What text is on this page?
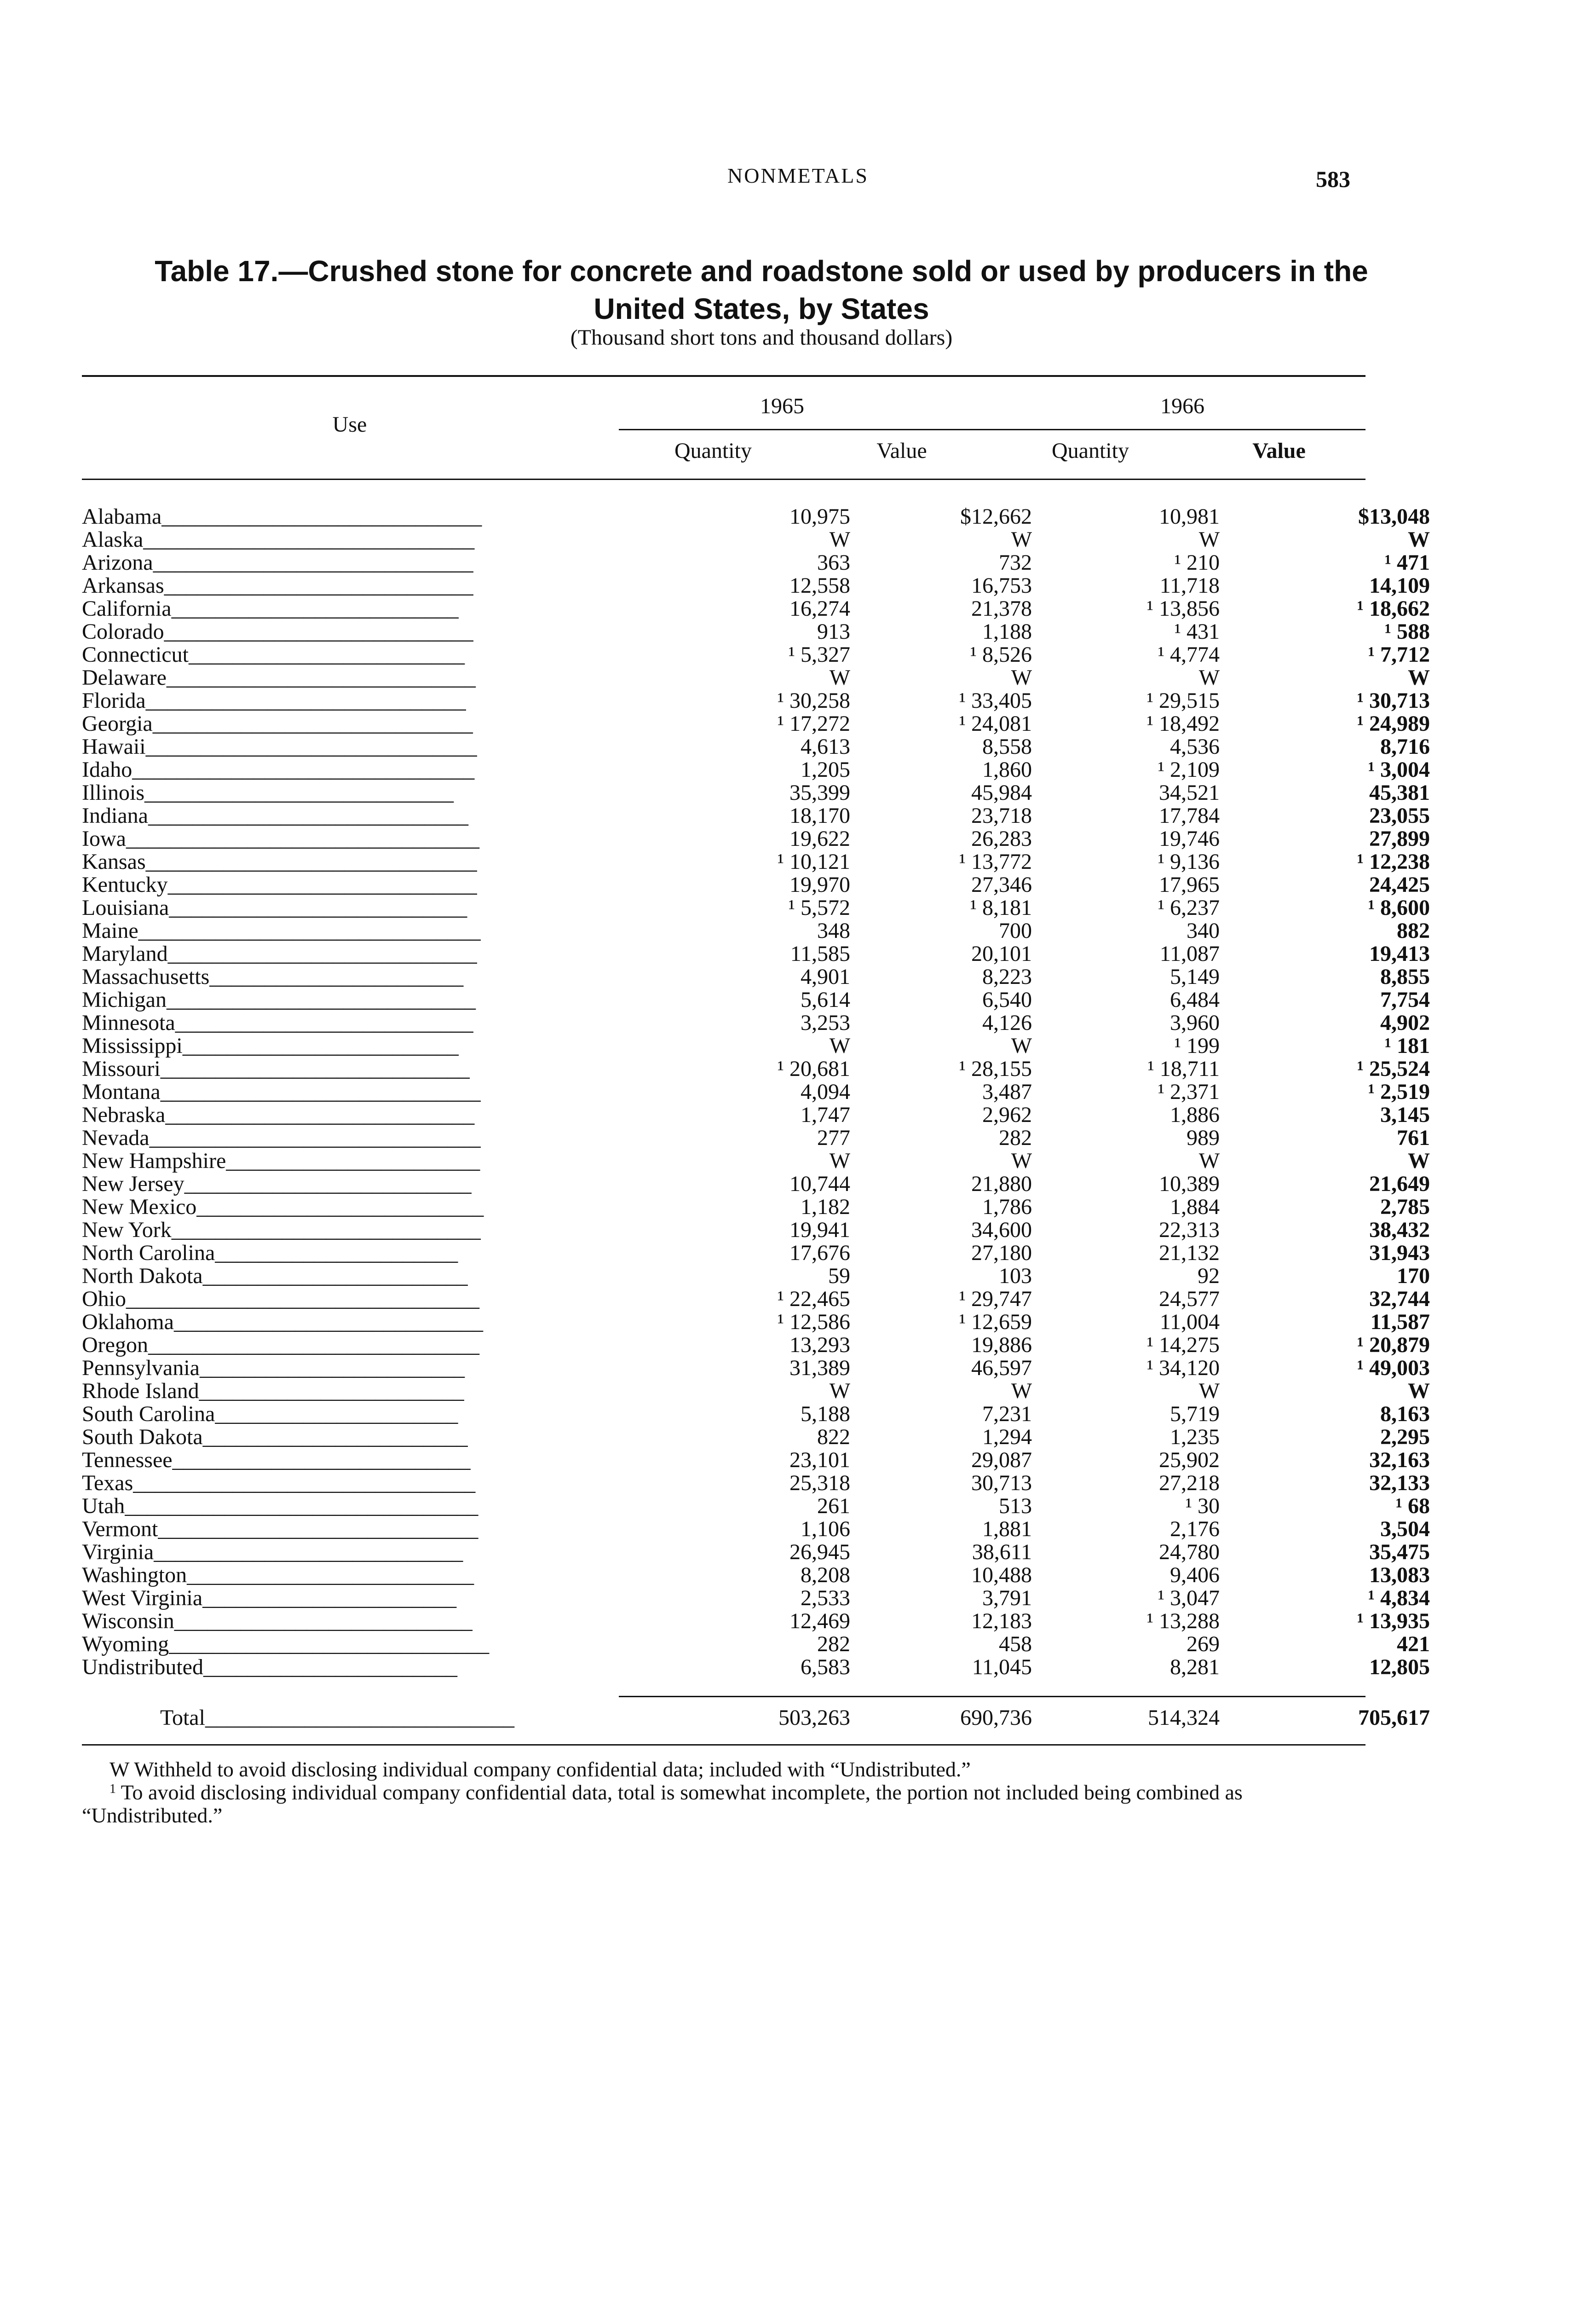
NONMETALS	583
Table 17.—Crushed stone for concrete and roadstone sold or used by producers in the
United States, by States
(Thousand short tons and thousand dollars)
Use
1965	1966
Quantity	Value	Quantity	Value
Alabama_____________________________	10,975	$12,662	10,981	$13,048
Alaska______________________________	W	W	W	W
Arizona_____________________________	363	732	¹ 210	¹ 471
Arkansas____________________________	12,558	16,753	11,718	14,109
California__________________________	16,274	21,378	¹ 13,856	¹ 18,662
Colorado____________________________	913	1,188	¹ 431	¹ 588
Connecticut_________________________	¹ 5,327	¹ 8,526	¹ 4,774	¹ 7,712
Delaware____________________________	W	W	W	W
Florida_____________________________	¹ 30,258	¹ 33,405	¹ 29,515	¹ 30,713
Georgia_____________________________	¹ 17,272	¹ 24,081	¹ 18,492	¹ 24,989
Hawaii______________________________	4,613	8,558	4,536	8,716
Idaho_______________________________	1,205	1,860	¹ 2,109	¹ 3,004
Illinois____________________________	35,399	45,984	34,521	45,381
Indiana_____________________________	18,170	23,718	17,784	23,055
Iowa________________________________	19,622	26,283	19,746	27,899
Kansas______________________________	¹ 10,121	¹ 13,772	¹ 9,136	¹ 12,238
Kentucky____________________________	19,970	27,346	17,965	24,425
Louisiana___________________________	¹ 5,572	¹ 8,181	¹ 6,237	¹ 8,600
Maine_______________________________	348	700	340	882
Maryland____________________________	11,585	20,101	11,087	19,413
Massachusetts_______________________	4,901	8,223	5,149	8,855
Michigan____________________________	5,614	6,540	6,484	7,754
Minnesota___________________________	3,253	4,126	3,960	4,902
Mississippi_________________________	W	W	¹ 199	¹ 181
Missouri____________________________	¹ 20,681	¹ 28,155	¹ 18,711	¹ 25,524
Montana_____________________________	4,094	3,487	¹ 2,371	¹ 2,519
Nebraska____________________________	1,747	2,962	1,886	3,145
Nevada______________________________	277	282	989	761
New Hampshire_______________________	W	W	W	W
New Jersey__________________________	10,744	21,880	10,389	21,649
New Mexico__________________________	1,182	1,786	1,884	2,785
New York____________________________	19,941	34,600	22,313	38,432
North Carolina______________________	17,676	27,180	21,132	31,943
North Dakota________________________	59	103	92	170
Ohio________________________________	¹ 22,465	¹ 29,747	24,577	32,744
Oklahoma____________________________	¹ 12,586	¹ 12,659	11,004	11,587
Oregon______________________________	13,293	19,886	¹ 14,275	¹ 20,879
Pennsylvania________________________	31,389	46,597	¹ 34,120	¹ 49,003
Rhode Island________________________	W	W	W	W
South Carolina______________________	5,188	7,231	5,719	8,163
South Dakota________________________	822	1,294	1,235	2,295
Tennessee___________________________	23,101	29,087	25,902	32,163
Texas_______________________________	25,318	30,713	27,218	32,133
Utah________________________________	261	513	¹ 30	¹ 68
Vermont_____________________________	1,106	1,881	2,176	3,504
Virginia____________________________	26,945	38,611	24,780	35,475
Washington__________________________	8,208	10,488	9,406	13,083
West Virginia_______________________	2,533	3,791	¹ 3,047	¹ 4,834
Wisconsin___________________________	12,469	12,183	¹ 13,288	¹ 13,935
Wyoming_____________________________	282	458	269	421
Undistributed_______________________	6,583	11,045	8,281	12,805
Total____________________________	503,263	690,736	514,324	705,617
W Withheld to avoid disclosing individual company confidential data; included with “Undistributed.”
$^1$ To avoid disclosing individual company confidential data, total is somewhat incomplete, the portion not included being combined as “Undistributed.”
